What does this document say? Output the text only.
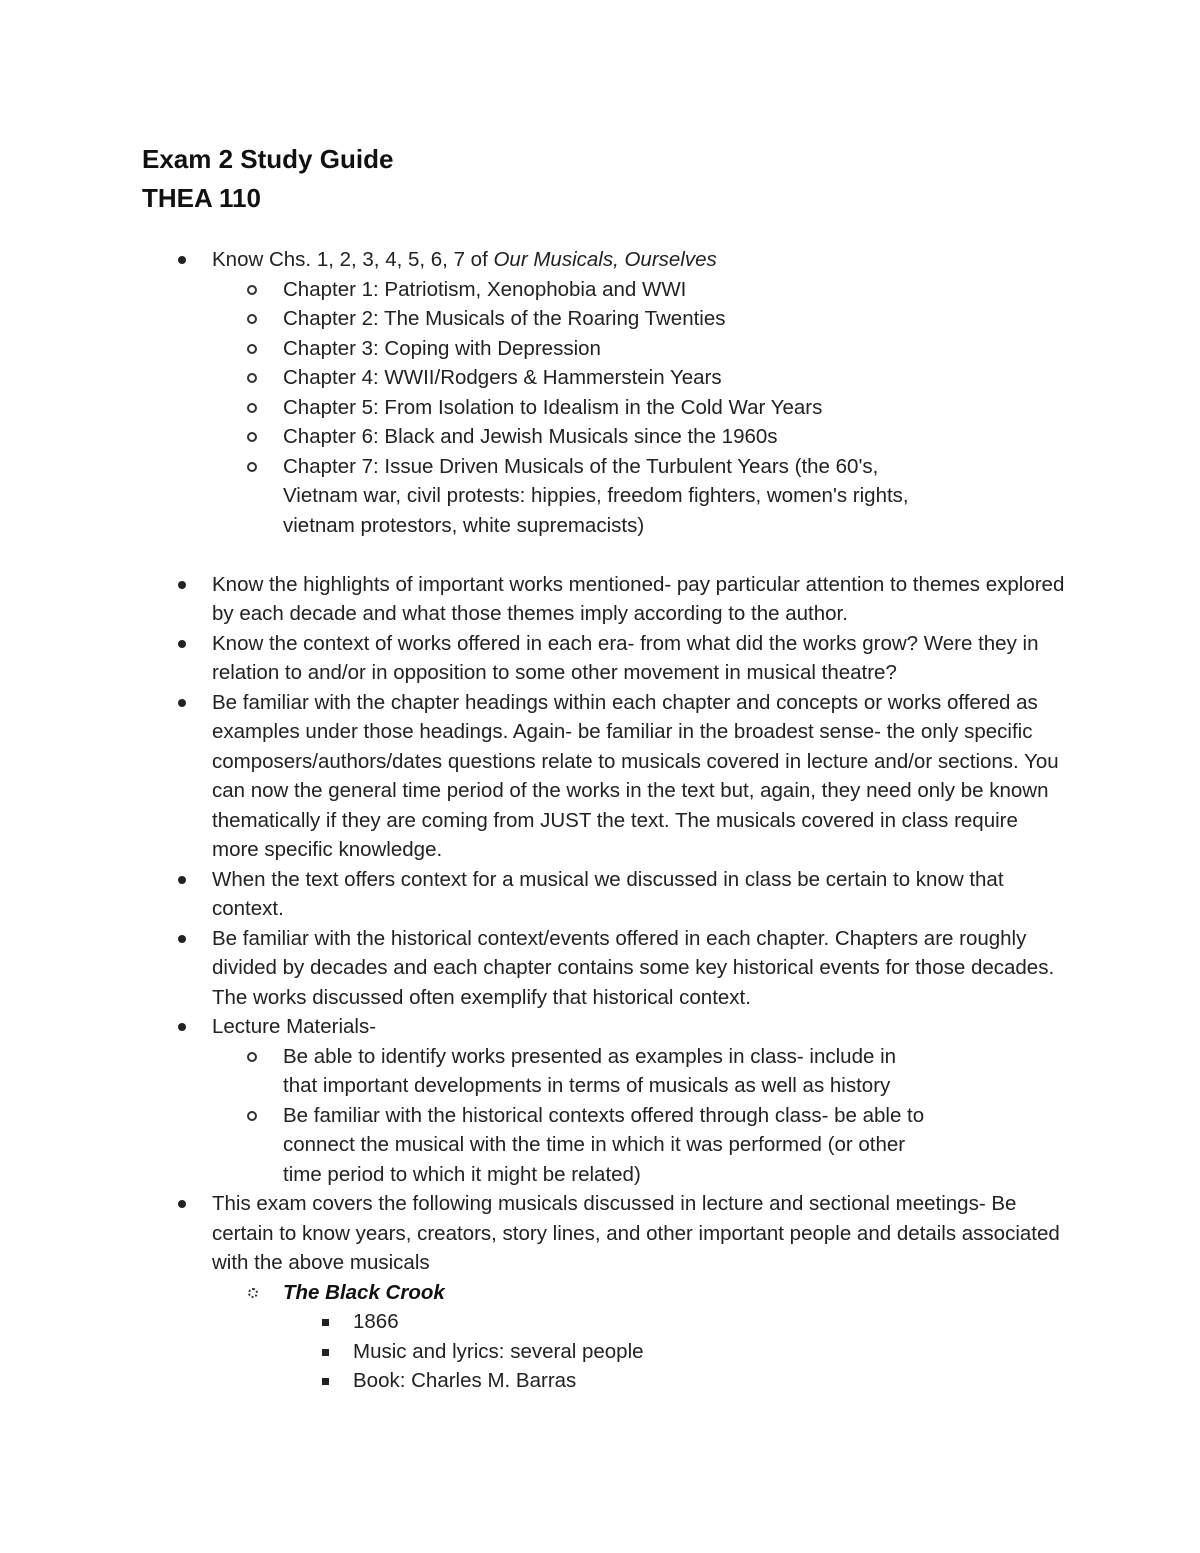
Exam 2 Study Guide
THEA 110
Know Chs. 1, 2, 3, 4, 5, 6, 7 of Our Musicals, Ourselves
Chapter 1: Patriotism, Xenophobia and WWI
Chapter 2: The Musicals of the Roaring Twenties
Chapter 3: Coping with Depression
Chapter 4: WWII/Rodgers & Hammerstein Years
Chapter 5: From Isolation to Idealism in the Cold War Years
Chapter 6: Black and Jewish Musicals since the 1960s
Chapter 7: Issue Driven Musicals of the Turbulent Years (the 60's, Vietnam war, civil protests: hippies, freedom fighters, women's rights, vietnam protestors, white supremacists)
Know the highlights of important works mentioned- pay particular attention to themes explored by each decade and what those themes imply according to the author.
Know the context of works offered in each era- from what did the works grow? Were they in relation to and/or in opposition to some other movement in musical theatre?
Be familiar with the chapter headings within each chapter and concepts or works offered as examples under those headings. Again- be familiar in the broadest sense- the only specific composers/authors/dates questions relate to musicals covered in lecture and/or sections. You can now the general time period of the works in the text but, again, they need only be known thematically if they are coming from JUST the text. The musicals covered in class require more specific knowledge.
When the text offers context for a musical we discussed in class be certain to know that context.
Be familiar with the historical context/events offered in each chapter. Chapters are roughly divided by decades and each chapter contains some key historical events for those decades. The works discussed often exemplify that historical context.
Lecture Materials-
Be able to identify works presented as examples in class- include in that important developments in terms of musicals as well as history
Be familiar with the historical contexts offered through class- be able to connect the musical with the time in which it was performed (or other time period to which it might be related)
This exam covers the following musicals discussed in lecture and sectional meetings- Be certain to know years, creators, story lines, and other important people and details associated with the above musicals
The Black Crook
1866
Music and lyrics: several people
Book: Charles M. Barras
